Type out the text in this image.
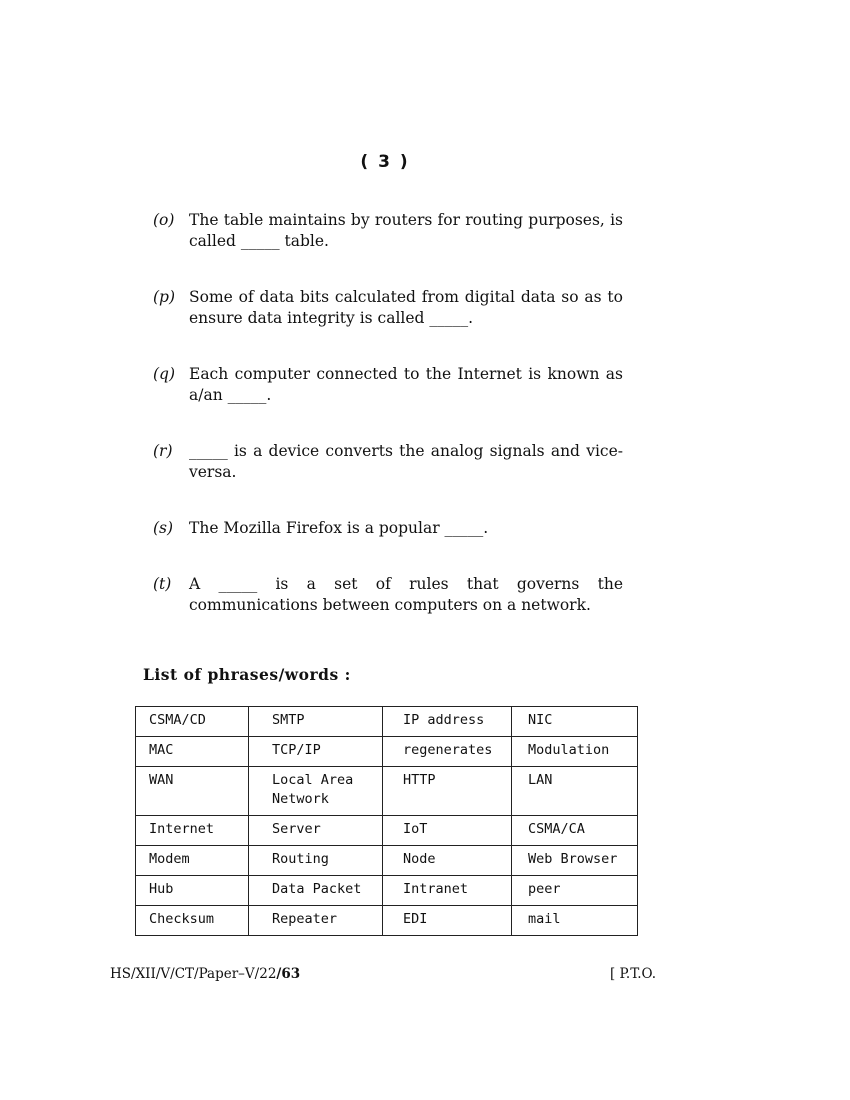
( 3 )
(o) The table maintains by routers for routing purposes, is called _____ table.
(p) Some of data bits calculated from digital data so as to ensure data integrity is called _____.
(q) Each computer connected to the Internet is known as a/an _____.
(r)	_____ is a device converts the analog signals and vice-versa.
(s)	The Mozilla Firefox is a popular _____.
(t)	A _____ is a set of rules that governs the communications between computers on a network.
List of phrases/words :
CSMA/CD	SMTP	IP address	NIC
MAC	TCP/IP	regenerates	Modulation
WAN	Local Area Network	HTTP	LAN
Internet	Server	IoT	CSMA/CA
Modem	Routing	Node	Web Browser
Hub	Data Packet	Intranet	peer
Checksum	Repeater	EDI	mail
HS/XII/V/CT/Paper–V/22/63	[ P.T.O.
